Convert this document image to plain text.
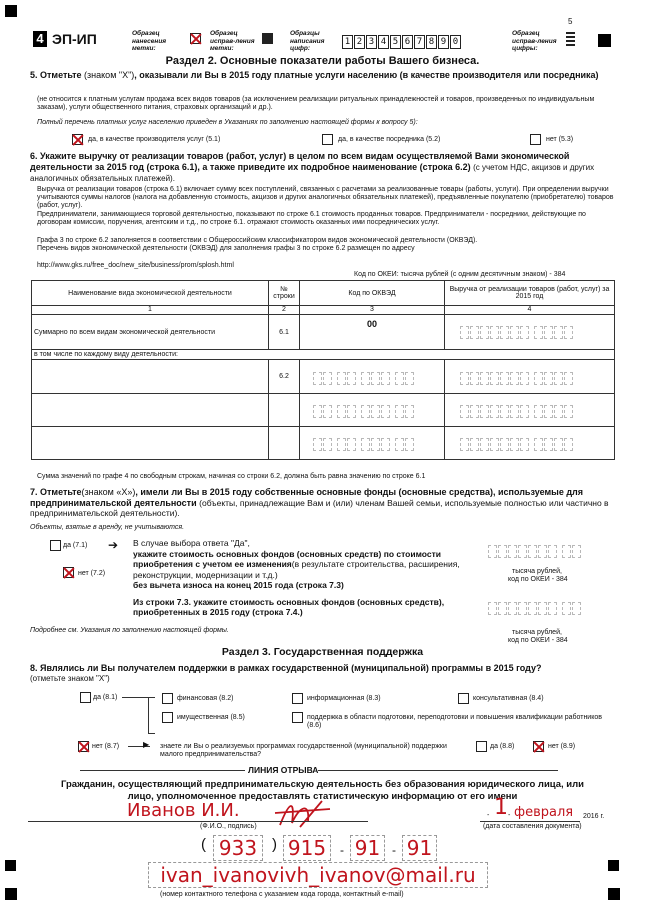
4 ЭП-ИП	Образец нанесения метки:
Образец исправ-ления метки:
Образцы написания цифр:
1 2 3 4 5 6 7 8 9 0
Образец исправ-ления цифры:
5
Раздел 2. Основные показатели работы Вашего бизнеса.
5. Отметьте (знаком "X"), оказывали ли Вы в 2015 году платные услуги населению (в качестве производителя или посредника)
(не относится к платным услугам продажа всех видов товаров (за исключением реализации ритуальных принадлежностей и товаров, произведенных по индивидуальным заказам), услуги общественного питания, страховых организаций и др.).
Полный перечень платных услуг населению приведен в Указаниях по заполнению настоящей формы к вопросу 5):
да, в качестве производителя услуг (5.1)	да, в качестве посредника (5.2)	нет (5.3)
6. Укажите выручку от реализации товаров (работ, услуг) в целом по всем видам осуществляемой Вами экономической деятельности за 2015 год (строка 6.1), а также приведите их подробное наименование (строка 6.2) (с учетом НДС, акцизов и других аналогичных обязательных платежей).
Выручка от реализации товаров (строка 6.1) включает сумму всех поступлений, связанных с расчетами за реализованные товары (работы, услуги). При определении выручки учитываются суммы налогов (налога на добавленную стоимость, акцизов и других аналогичных обязательных платежей), предъявленные покупателю (приобретателю) товаров (работ, услуг).
Предприниматели, занимающиеся торговой деятельностью, показывают по строке 6.1 стоимость проданных товаров. Предприниматели - посредники, действующие по договорам комиссии, поручения, агентским и т.д., по строке 6.1. отражают стоимость оказанных ими посреднических услуг.
Графа 3 по строке 6.2 заполняется в соответствии с Общероссийским классификатором видов экономической деятельности (ОКВЭД).
Перечень видов экономической деятельности (ОКВЭД) для заполнения графы 3 по строке 6.2 размещен по адресу
http://www.gks.ru/free_doc/new_site/business/prom/splosh.html
Код по ОКЕИ: тысяча рублей (с одним десятичным знаком) - 384
Наименование вида экономической деятельности	№ строки	Код по ОКВЭД	Выручка от реализации товаров (работ, услуг) за 2015 год
1	2	3	4
Суммарно по всем видам экономической деятельности	6.1	00	
в том числе по каждому виду деятельности:			
	6.2		

Сумма значений по графе 4 по свободным строкам, начиная со строки 6.2, должна быть равна значению по строке 6.1
7. Отметьте(знаком «X»), имели ли Вы в 2015 году собственные основные фонды (основные средства), используемые для предпринимательской деятельности (объекты, принадлежащие Вам и (или) членам Вашей семьи, используемые полностью или частично в предпринимательской деятельности).
Объекты, взятые в аренду, не учитываются.
да (7.1)
нет (7.2)
➔ В случае выбора ответа "Да",
укажите стоимость основных фондов (основных средств) по стоимости приобретения с учетом ее изменения(в результате строительства, расширения, реконструкции, модернизации и т.д.)
без вычета износа на конец 2015 года (строка 7.3)
Из строки 7.3. укажите стоимость основных фондов (основных средств), приобретенных в 2015 году (строка 7.4.)
тысяча рублей,
код по ОКЕИ - 384
тысяча рублей,
код по ОКЕИ - 384
Подробнее см. Указания по заполнению настоящей формы.
Раздел 3. Государственная поддержка
8. Являлись ли Вы получателем поддержки в рамках государственной (муниципальной) программы в 2015 году?
(отметьте знаком "X")
да (8.1)	финансовая (8.2)	информационная (8.3)	консультативная (8.4)
имущественная (8.5)	поддержка в области подготовки, переподготовки и повышения квалификации работников (8.6)
нет (8.7)	▶ знаете ли Вы о реализуемых программах государственной (муниципальной) поддержки малого предпринимательства?
да (8.8)	нет (8.9)
ЛИНИЯ ОТРЫВА
Гражданин, осуществляющий предпринимательскую деятельность без образования юридического лица, или лицо, уполномоченное предоставлять статистическую информацию от его имени
Иванов И.И.
(Ф.И.О., подпись)
- 1 - февраля 2016 г.
(дата составления документа)
( 933 ) 915	- 91 - 91
ivan_ivanovivh_ivanov@mail.ru
(номер контактного телефона с указанием кода города, контактный e-mail)
